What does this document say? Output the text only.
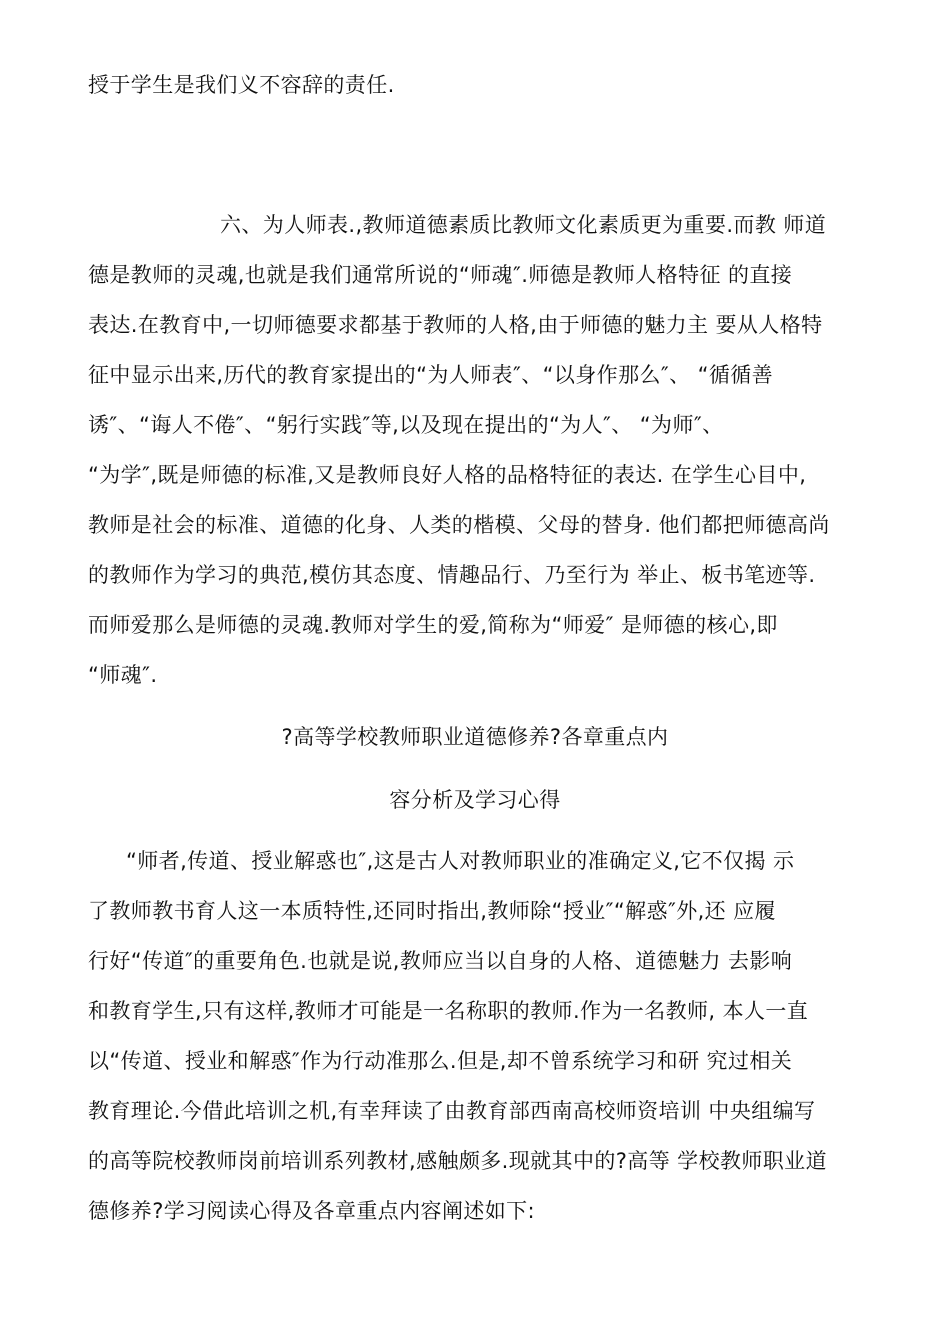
授于学生是我们义不容辞的责任.
六、为人师表.,教师道德素质比教师文化素质更为重要.而教 师道
德是教师的灵魂,也就是我们通常所说的“师魂″.师德是教师人格特征 的直接
表达.在教育中,一切师德要求都基于教师的人格,由于师德的魅力主 要从人格特
征中显示出来,历代的教育家提出的“为人师表″、“以身作那么″、 “循循善
诱″、“诲人不倦″、“躬行实践″等,以及现在提出的“为人″、 “为师″、
“为学″,既是师德的标准,又是教师良好人格的品格特征的表达. 在学生心目中,
教师是社会的标准、道德的化身、人类的楷模、父母的替身. 他们都把师德高尚
的教师作为学习的典范,模仿其态度、情趣品行、乃至行为 举止、板书笔迹等.
而师爱那么是师德的灵魂.教师对学生的爱,简称为“师爱″ 是师德的核心,即
“师魂″.
?高等学校教师职业道德修养?各章重点内
容分析及学习心得
“师者,传道、授业解惑也″,这是古人对教师职业的准确定义,它不仅揭 示
了教师教书育人这一本质特性,还同时指出,教师除“授业″“解惑″外,还 应履
行好“传道″的重要角色.也就是说,教师应当以自身的人格、道德魅力 去影响
和教育学生,只有这样,教师才可能是一名称职的教师.作为一名教师, 本人一直
以“传道、授业和解惑″作为行动准那么.但是,却不曾系统学习和研 究过相关
教育理论.今借此培训之机,有幸拜读了由教育部西南高校师资培训 中央组编写
的高等院校教师岗前培训系列教材,感触颇多.现就其中的?高等 学校教师职业道
德修养?学习阅读心得及各章重点内容阐述如下:
